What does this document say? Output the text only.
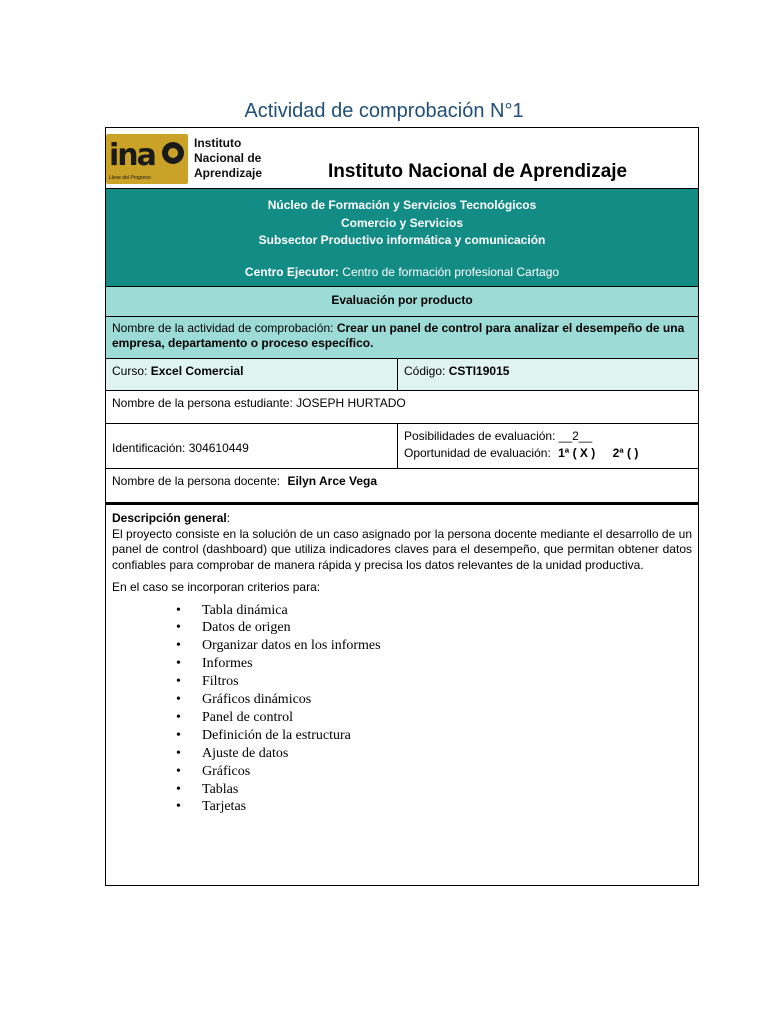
Actividad de comprobación N°1
ina
Lleve del Progreso
Instituto
Nacional de
Aprendizaje	Instituto Nacional de Aprendizaje
Núcleo de Formación y Servicios Tecnológicos
Comercio y Servicios
Subsector Productivo informática y comunicación
Centro Ejecutor: Centro de formación profesional Cartago
Evaluación por producto
Nombre de la actividad de comprobación: Crear un panel de control para analizar el desempeño de una empresa, departamento o proceso específico.
Curso: Excel Comercial	Código: CSTI19015
Nombre de la persona estudiante: JOSEPH HURTADO
Identificación: 304610449
Posibilidades de evaluación: __2__
Oportunidad de evaluación: 1ª ( X ) 2ª ( )
Nombre de la persona docente: Eilyn Arce Vega
Descripción general:
El proyecto consiste en la solución de un caso asignado por la persona docente mediante el desarrollo de un panel de control (dashboard) que utiliza indicadores claves para el desempeño, que permitan obtener datos confiables para comprobar de manera rápida y precisa los datos relevantes de la unidad productiva.
En el caso se incorporan criterios para:
• Tabla dinámica
• Datos de origen
• Organizar datos en los informes
• Informes
• Filtros
• Gráficos dinámicos
• Panel de control
• Definición de la estructura
• Ajuste de datos
• Gráficos
• Tablas
• Tarjetas
